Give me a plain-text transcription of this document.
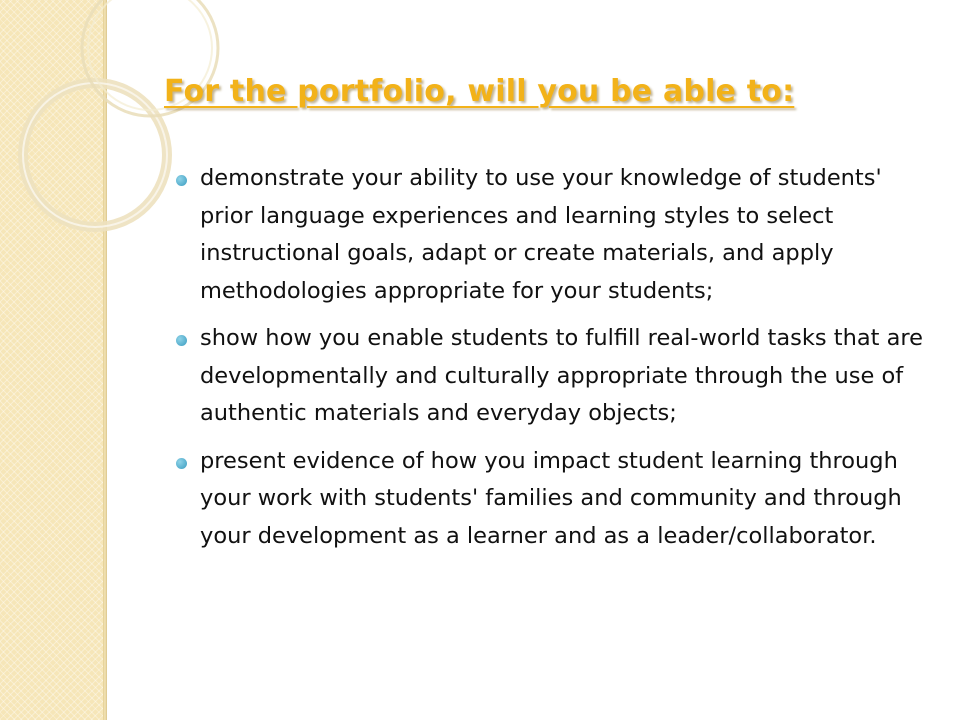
For the portfolio, will you be able to:
demonstrate your ability to use your knowledge of students' prior language experiences and learning styles to select instructional goals, adapt or create materials, and apply methodologies appropriate for your students;
show how you enable students to fulfill real-world tasks that are developmentally and culturally appropriate through the use of authentic materials and everyday objects;
present evidence of how you impact student learning through your work with students' families and community and through your development as a learner and as a leader/collaborator.
